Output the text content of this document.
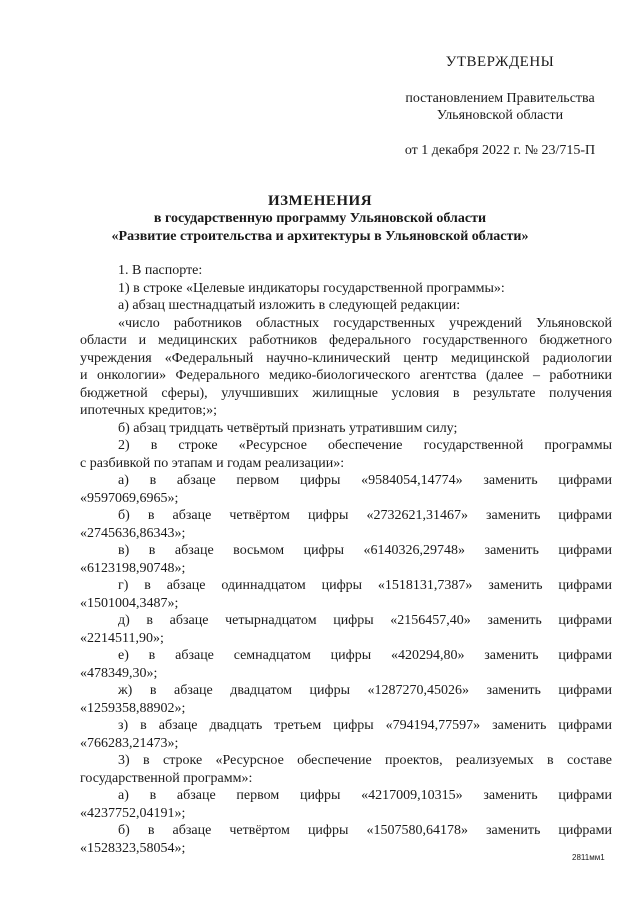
УТВЕРЖДЕНЫ
постановлением Правительства Ульяновской области
от 1 декабря 2022 г. № 23/715-П
ИЗМЕНЕНИЯ
в государственную программу Ульяновской области
«Развитие строительства и архитектуры в Ульяновской области»

1. В паспорте:

1) в строке «Целевые индикаторы государственной программы»:

а) абзац шестнадцатый изложить в следующей редакции:

«число работников областных государственных учреждений Ульяновской
области и медицинских работников федерального государственного бюджетного
учреждения «Федеральный научно-клинический центр медицинской радиологии
и онкологии» Федерального медико-биологического агентства (далее – работники
бюджетной сферы), улучшивших жилищные условия в результате получения
ипотечных кредитов;»;

б) абзац тридцать четвёртый признать утратившим силу;

2) в строке «Ресурсное обеспечение государственной программы
с разбивкой по этапам и годам реализации»:
а) в абзаце первом цифры «9584054,14774» заменить цифрами
«9597069,6965»;
б) в абзаце четвёртом цифры «2732621,31467» заменить цифрами
«2745636,86343»;
в) в абзаце восьмом цифры «6140326,29748» заменить цифрами
«6123198,90748»;
г) в абзаце одиннадцатом цифры «1518131,7387» заменить цифрами
«1501004,3487»;
д) в абзаце четырнадцатом цифры «2156457,40» заменить цифрами
«2214511,90»;
е) в абзаце семнадцатом цифры «420294,80» заменить цифрами
«478349,30»;
ж) в абзаце двадцатом цифры «1287270,45026» заменить цифрами
«1259358,88902»;
з) в абзаце двадцать третьем цифры «794194,77597» заменить цифрами
«766283,21473»;
3) в строке «Ресурсное обеспечение проектов, реализуемых в составе
государственной программ»:
а) в абзаце первом цифры «4217009,10315» заменить цифрами
«4237752,04191»;
б) в абзаце четвёртом цифры «1507580,64178» заменить цифрами
«1528323,58054»;
2811мм1
